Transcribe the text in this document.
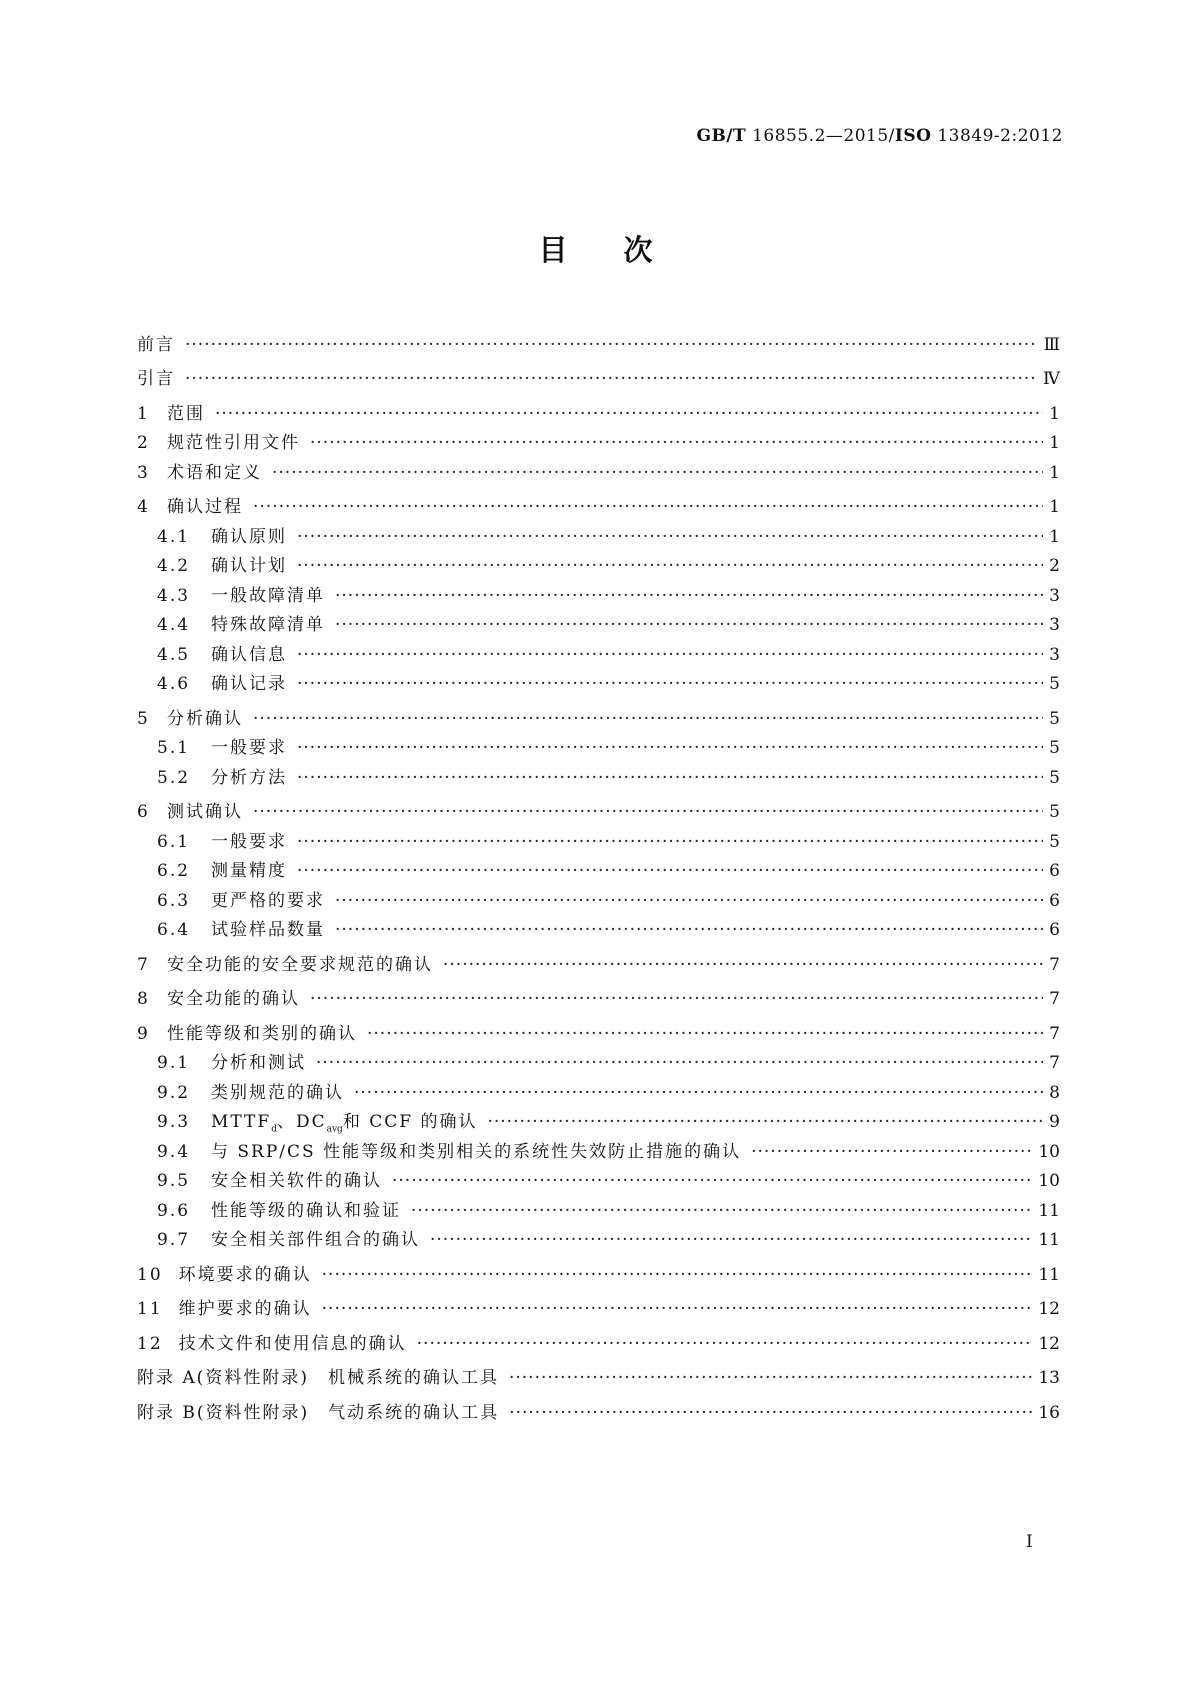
GB/T 16855.2—2015/ISO 13849-2:2012
目次
前言 ·····	Ⅲ
引言 ·····	Ⅳ
1 范围 ·····	1
2 规范性引用文件 ·····	1
3 术语和定义 ·····	1
4 确认过程 ·····	1
4.1 确认原则 ·····	1
4.2 确认计划 ·····	2
4.3 一般故障清单 ·····	3
4.4 特殊故障清单 ·····	3
4.5 确认信息 ·····	3
4.6 确认记录 ·····	5
5 分析确认 ·····	5
5.1 一般要求 ·····	5
5.2 分析方法 ·····	5
6 测试确认 ·····	5
6.1 一般要求 ·····	5
6.2 测量精度 ·····	6
6.3 更严格的要求 ·····	6
6.4 试验样品数量 ·····	6
7 安全功能的安全要求规范的确认 ·····	7
8 安全功能的确认 ·····	7
9 性能等级和类别的确认 ·····	7
9.1 分析和测试 ·····	7
9.2 类别规范的确认 ·····	8
9.3 $MTTF_d$、$DC_{avg}$和 CCF 的确认 ·····	9
9.4 与 SRP/CS 性能等级和类别相关的系统性失效防止措施的确认 ·····	10
9.5 安全相关软件的确认 ·····	10
9.6 性能等级的确认和验证 ·····	11
9.7 安全相关部件组合的确认 ·····	11
10 环境要求的确认 ·····	11
11 维护要求的确认 ·····	12
12 技术文件和使用信息的确认 ·····	12
附录 A(资料性附录)　机械系统的确认工具 ·····	13
附录 B(资料性附录)　气动系统的确认工具 ·····	16
I
